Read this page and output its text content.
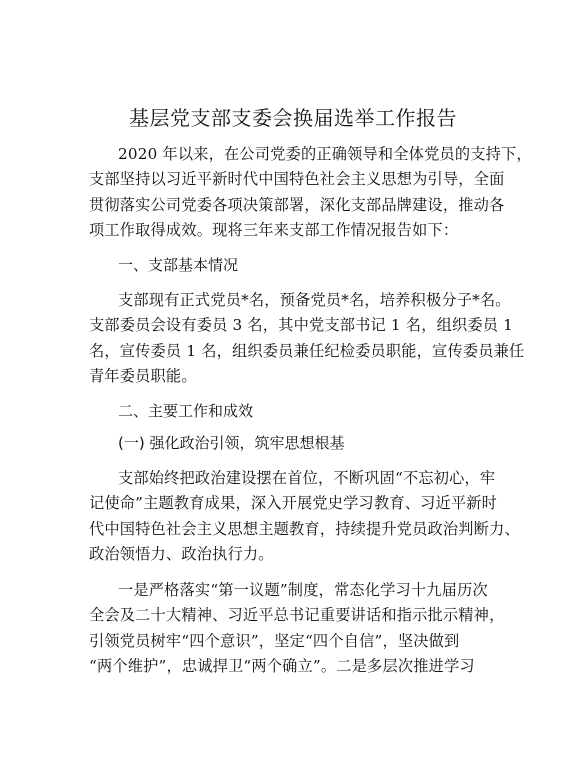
基层党支部支委会换届选举工作报告
2020 年以来，在公司党委的正确领导和全体党员的支持下，
支部坚持以习近平新时代中国特色社会主义思想为引导，全面
贯彻落实公司党委各项决策部署，深化支部品牌建设，推动各
项工作取得成效。现将三年来支部工作情况报告如下：
一、支部基本情况
支部现有正式党员*名，预备党员*名，培养积极分子*名。
支部委员会设有委员 3 名，其中党支部书记 1 名，组织委员 1
名，宣传委员 1 名，组织委员兼任纪检委员职能，宣传委员兼任
青年委员职能。
二、主要工作和成效
(一) 强化政治引领，筑牢思想根基
支部始终把政治建设摆在首位，不断巩固“不忘初心，牢
记使命”主题教育成果，深入开展党史学习教育、习近平新时
代中国特色社会主义思想主题教育，持续提升党员政治判断力、
政治领悟力、政治执行力。
一是严格落实“第一议题”制度，常态化学习十九届历次
全会及二十大精神、习近平总书记重要讲话和指示批示精神，
引领党员树牢“四个意识”，坚定“四个自信”，坚决做到
“两个维护”，忠诚捍卫“两个确立”。二是多层次推进学习
